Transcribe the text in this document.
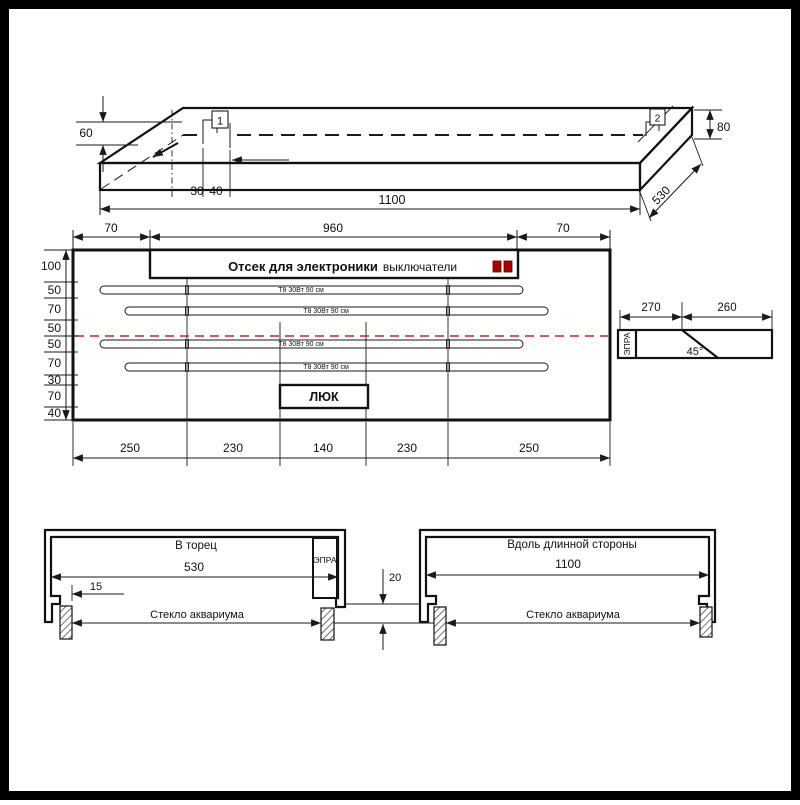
1	2
60
30 40
1100
80
530
70	960	70
Отсек для электроники выключатели
Т8 30Вт 90 см
Т8 30Вт 90 см
Т8 30Вт 90 см
Т8 30Вт 90 см
ЛЮК
100
50
70
50
50
70
30
70
40
250	230	140	230	250
ЭПРА	45°
270	260
В торец
ЭПРА
530
15
Стекло аквариума
Вдоль длинной стороны
1100
Стекло аквариума
20
